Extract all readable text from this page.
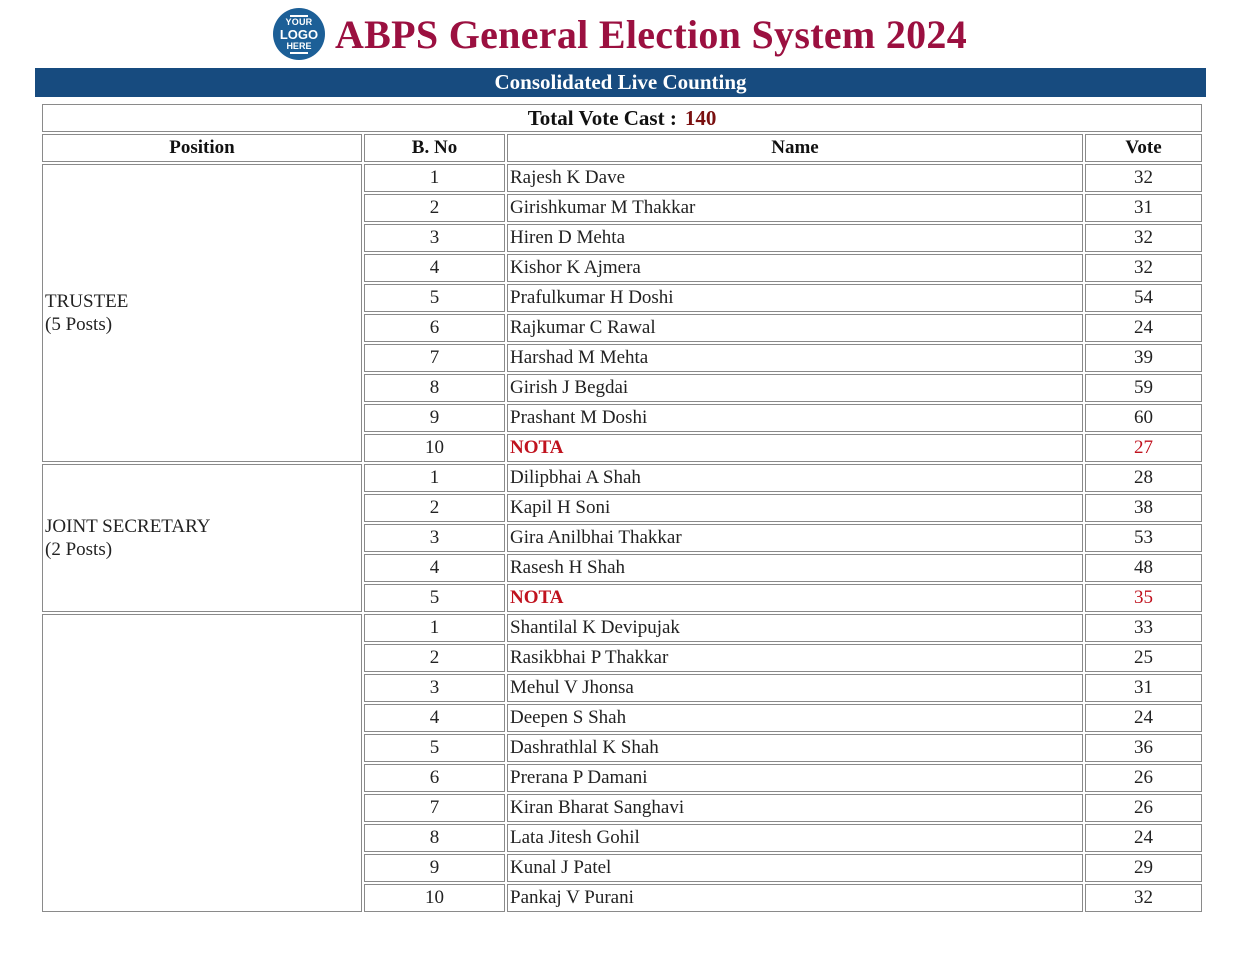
YOUR
LOGO
HERE ABPS General Election System 2024
Consolidated Live Counting
Total Vote Cast : 140			
Position	B. No	Name	Vote
TRUSTEE
(5 Posts)	1	Rajesh K Dave	32
	2	Girishkumar M Thakkar	31
	3	Hiren D Mehta	32
	4	Kishor K Ajmera	32
	5	Prafulkumar H Doshi	54
	6	Rajkumar C Rawal	24
	7	Harshad M Mehta	39
	8	Girish J Begdai	59
	9	Prashant M Doshi	60
	10	NOTA	27
JOINT SECRETARY
(2 Posts)	1	Dilipbhai A Shah	28
	2	Kapil H Soni	38
	3	Gira Anilbhai Thakkar	53
	4	Rasesh H Shah	48
	5	NOTA	35

	1	Shantilal K Devipujak	33
	2	Rasikbhai P Thakkar	25
	3	Mehul V Jhonsa	31
	4	Deepen S Shah	24
	5	Dashrathlal K Shah	36
	6	Prerana P Damani	26
	7	Kiran Bharat Sanghavi	26
	8	Lata Jitesh Gohil	24
	9	Kunal J Patel	29
	10	Pankaj V Purani	32
